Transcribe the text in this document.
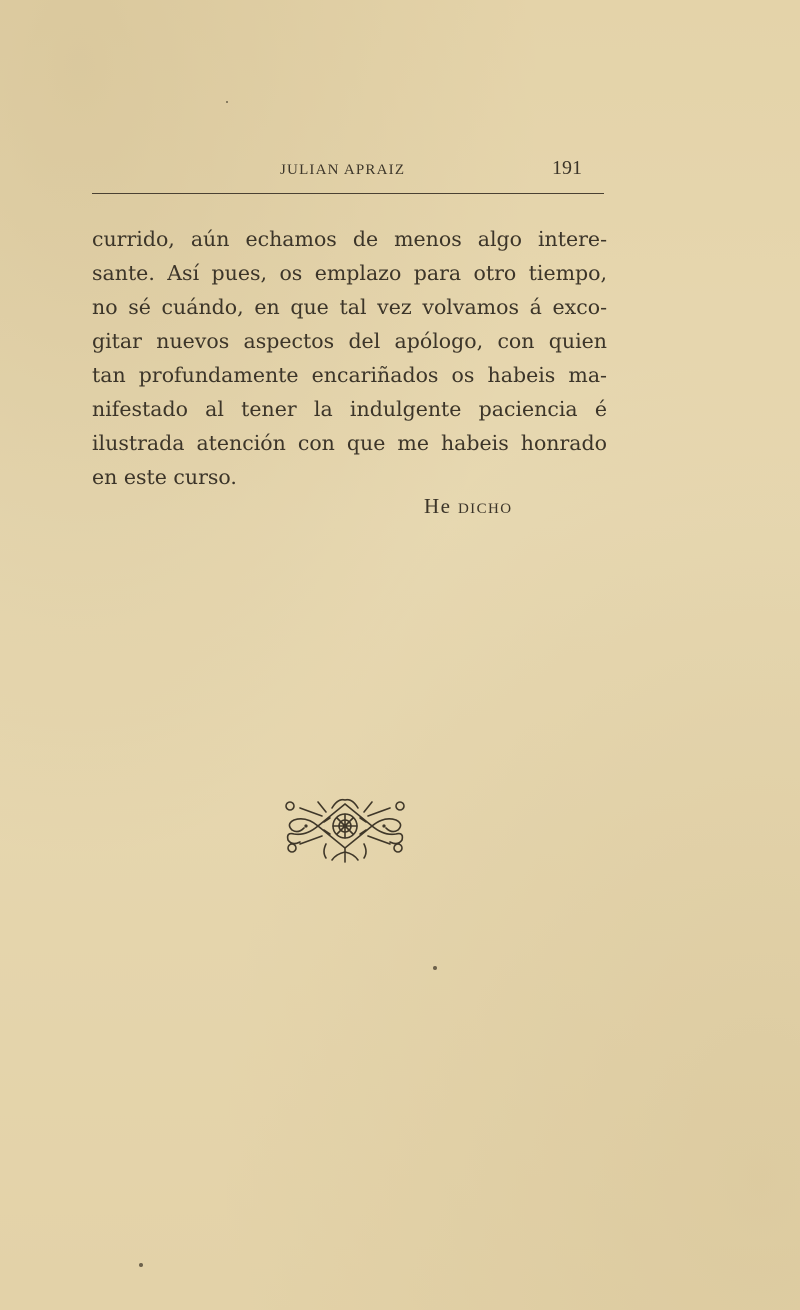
JULIAN APRAIZ	191
currido, aún echamos de menos algo intere-
sante. Así pues, os emplazo para otro tiempo,
no sé cuándo, en que tal vez volvamos á exco-
gitar nuevos aspectos del apólogo, con quien
tan profundamente encariñados os habeis ma-
nifestado al tener la indulgente paciencia é
ilustrada atención con que me habeis honrado
en este curso.
He dicho
